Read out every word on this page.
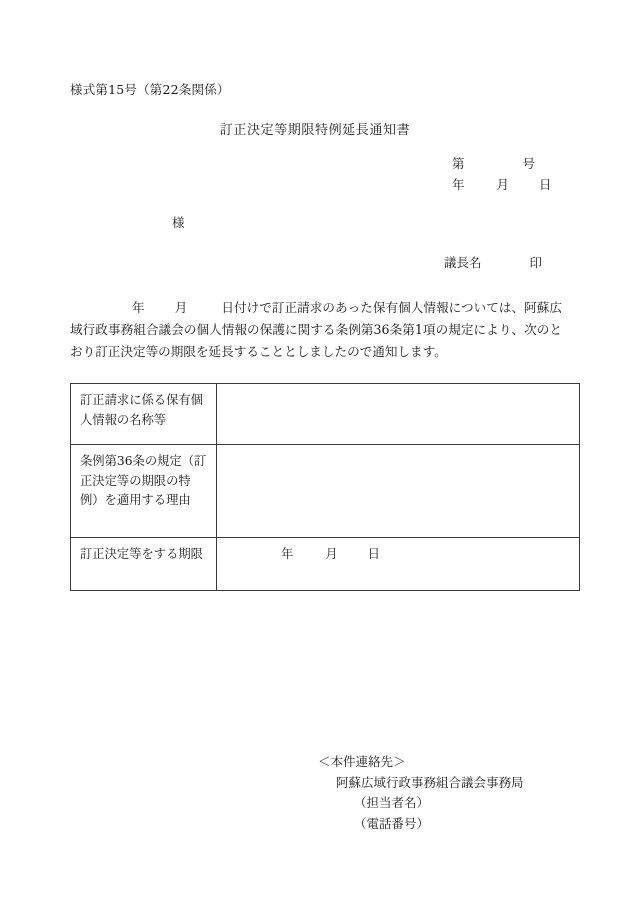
様式第15号（第22条関係）
訂正決定等期限特例延長通知書
第	号
年	月 日
様
議長名	印
年 月	日付けで訂正請求のあった保有個人情報については、阿蘇広域行政事務組合議会の個人情報の保護に関する条例第36条第1項の規定により、次のとおり訂正決定等の期限を延長することとしましたので通知します。
訂正請求に係る保有個人情報の名称等	
条例第36条の規定（訂正決定等の期限の特例）を適用する理由	
訂正決定等をする期限	年 月 日
＜本件連絡先＞
阿蘇広域行政事務組合議会事務局
（担当者名）
（電話番号）
